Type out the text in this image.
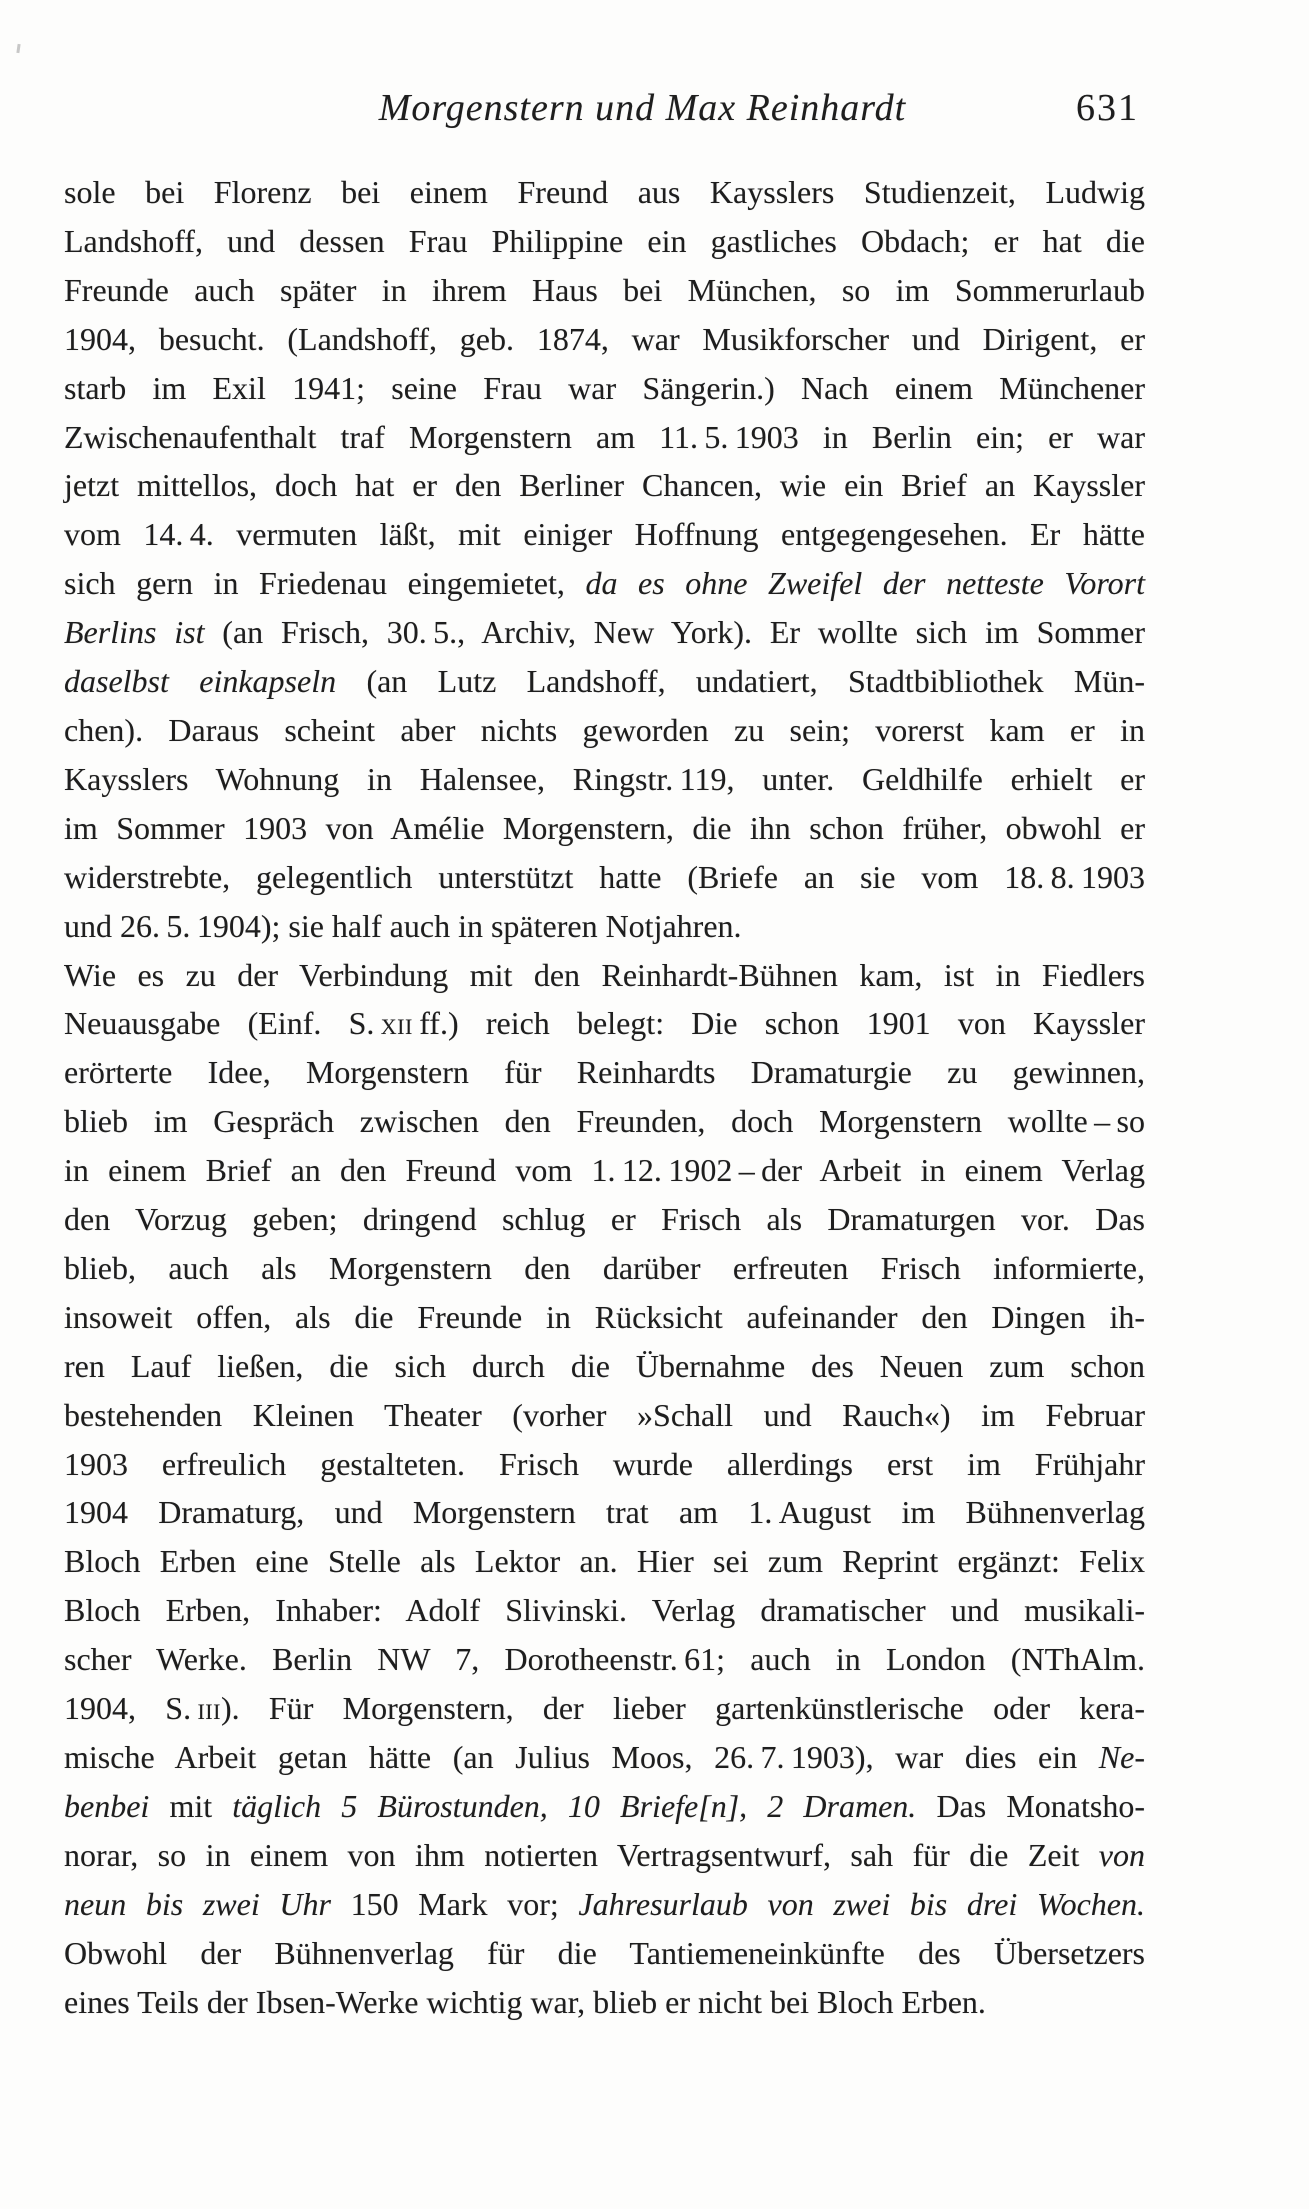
Morgenstern und Max Reinhardt	631
sole bei Florenz bei einem Freund aus Kaysslers Studienzeit, Ludwig
Landshoff, und dessen Frau Philippine ein gastliches Obdach; er hat die
Freunde auch später in ihrem Haus bei München, so im Sommerurlaub
1904, besucht. (Landshoff, geb. 1874, war Musikforscher und Dirigent, er
starb im Exil 1941; seine Frau war Sängerin.) Nach einem Münchener
Zwischenaufenthalt traf Morgenstern am 11. 5. 1903 in Berlin ein; er war
jetzt mittellos, doch hat er den Berliner Chancen, wie ein Brief an Kayssler
vom 14. 4. vermuten läßt, mit einiger Hoffnung entgegengesehen. Er hätte
sich gern in Friedenau eingemietet, da es ohne Zweifel der netteste Vorort
Berlins ist (an Frisch, 30. 5., Archiv, New York). Er wollte sich im Sommer
daselbst einkapseln (an Lutz Landshoff, undatiert, Stadtbibliothek Mün-
chen). Daraus scheint aber nichts geworden zu sein; vorerst kam er in
Kaysslers Wohnung in Halensee, Ringstr. 119, unter. Geldhilfe erhielt er
im Sommer 1903 von Amélie Morgenstern, die ihn schon früher, obwohl er
widerstrebte, gelegentlich unterstützt hatte (Briefe an sie vom 18. 8. 1903
und 26. 5. 1904); sie half auch in späteren Notjahren.
Wie es zu der Verbindung mit den Reinhardt-Bühnen kam, ist in Fiedlers
Neuausgabe (Einf. S. xii ff.) reich belegt: Die schon 1901 von Kayssler
erörterte Idee, Morgenstern für Reinhardts Dramaturgie zu gewinnen,
blieb im Gespräch zwischen den Freunden, doch Morgenstern wollte – so
in einem Brief an den Freund vom 1. 12. 1902 – der Arbeit in einem Verlag
den Vorzug geben; dringend schlug er Frisch als Dramaturgen vor. Das
blieb, auch als Morgenstern den darüber erfreuten Frisch informierte,
insoweit offen, als die Freunde in Rücksicht aufeinander den Dingen ih-
ren Lauf ließen, die sich durch die Übernahme des Neuen zum schon
bestehenden Kleinen Theater (vorher »Schall und Rauch«) im Februar
1903 erfreulich gestalteten. Frisch wurde allerdings erst im Frühjahr
1904 Dramaturg, und Morgenstern trat am 1. August im Bühnenverlag
Bloch Erben eine Stelle als Lektor an. Hier sei zum Reprint ergänzt: Felix
Bloch Erben, Inhaber: Adolf Slivinski. Verlag dramatischer und musikali-
scher Werke. Berlin NW 7, Dorotheenstr. 61; auch in London (NThAlm.
1904, S. iii). Für Morgenstern, der lieber gartenkünstlerische oder kera-
mische Arbeit getan hätte (an Julius Moos, 26. 7. 1903), war dies ein Ne-
benbei mit täglich 5 Bürostunden, 10 Briefe[n], 2 Dramen. Das Monatsho-
norar, so in einem von ihm notierten Vertragsentwurf, sah für die Zeit von
neun bis zwei Uhr 150 Mark vor; Jahresurlaub von zwei bis drei Wochen.
Obwohl der Bühnenverlag für die Tantiemeneinkünfte des Übersetzers
eines Teils der Ibsen-Werke wichtig war, blieb er nicht bei Bloch Erben.
